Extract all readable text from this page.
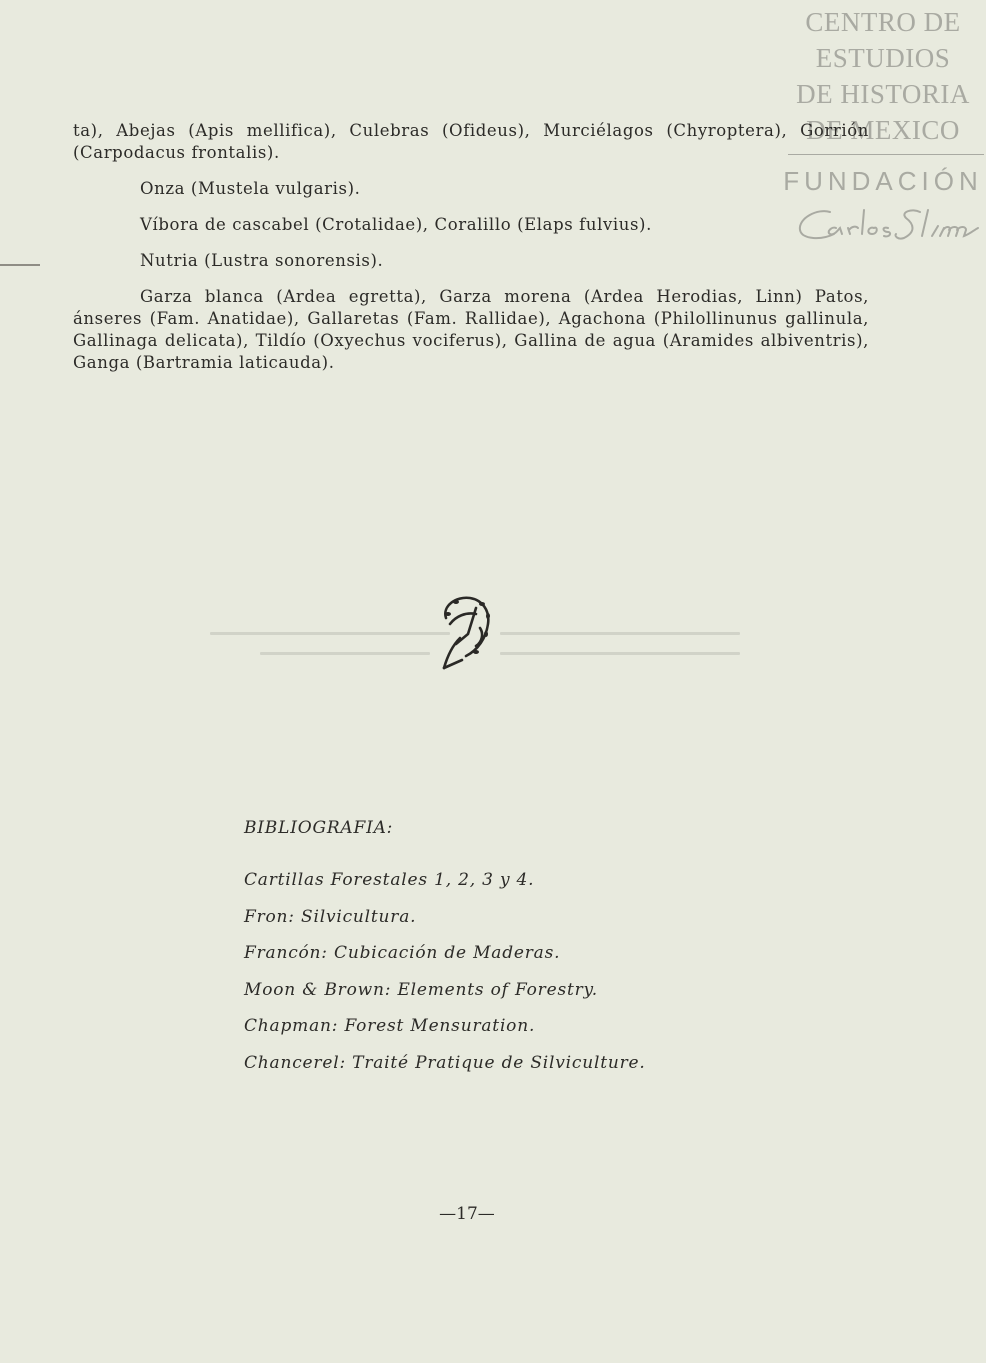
CENTRO DE
ESTUDIOS
DE HISTORIA
DE MEXICO
FUNDACIÓN

ta), Abejas (Apis mellifica), Culebras (Ofideus), Murciélagos (Chyroptera), Gorrión (Carpodacus frontalis).

Onza (Mustela vulgaris).

Víbora de cascabel (Crotalidae), Coralillo (Elaps fulvius).

Nutria (Lustra sonorensis).

Garza blanca (Ardea egretta), Garza morena (Ardea Herodias, Linn) Patos, ánseres (Fam. Anatidae), Gallaretas (Fam. Rallidae), Agachona (Philollinunus gallinula, Gallinaga delicata), Tildío (Oxyechus vociferus), Gallina de agua (Aramides albiventris), Ganga (Bartramia laticauda).

BIBLIOGRAFIA:

Cartillas Forestales 1, 2, 3 y 4.

Fron: Silvicultura.

Francón: Cubicación de Maderas.

Moon & Brown: Elements of Forestry.

Chapman: Forest Mensuration.

Chancerel: Traité Pratique de Silviculture.

—17—
